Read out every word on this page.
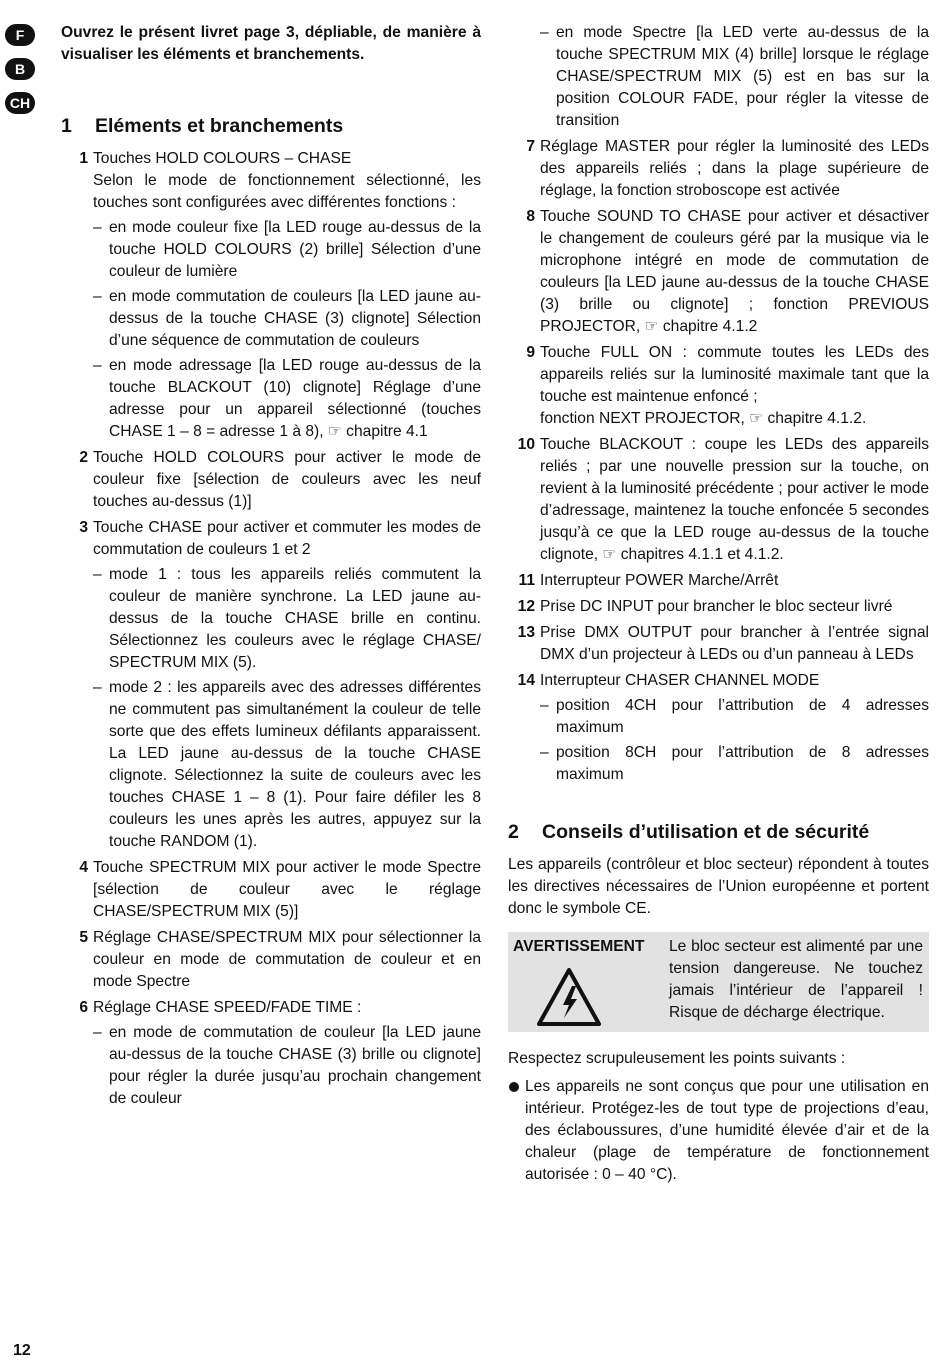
F
B
CH

Ouvrez le présent livret page 3, dépliable, de manière à visualiser les éléments et branchements.

1	Eléments et branchements
1 Touches HOLD COLOURS – CHASE
Selon le mode de fonctionnement sélectionné, les touches sont configurées avec différentes fonctions :
– en mode couleur fixe [la LED rouge au-dessus de la touche HOLD COLOURS (2) brille] Sélection d’une couleur de lumière
– en mode commutation de couleurs [la LED jaune au-dessus de la touche CHASE (3) clignote] Sélection d’une séquence de commutation de couleurs
– en mode adressage [la LED rouge au-dessus de la touche BLACKOUT (10) clignote] Réglage d’une adresse pour un appareil sélectionné (touches CHASE 1 – 8 = adresse 1 à 8), ☞ chapitre 4.1
2 Touche HOLD COLOURS pour activer le mode de couleur fixe [sélection de couleurs avec les neuf touches au-dessus (1)]
3 Touche CHASE pour activer et commuter les modes de commutation de couleurs 1 et 2
– mode 1 : tous les appareils reliés commutent la couleur de manière synchrone. La LED jaune au-dessus de la touche CHASE brille en continu. Sélectionnez les couleurs avec le réglage CHASE/ SPECTRUM MIX (5).
– mode 2 : les appareils avec des adresses différentes ne commutent pas simultanément la couleur de telle sorte que des effets lumineux défilants apparaissent. La LED jaune au-dessus de la touche CHASE clignote. Sélectionnez la suite de couleurs avec les touches CHASE 1 – 8 (1). Pour faire défiler les 8 couleurs les unes après les autres, appuyez sur la touche RANDOM (1).
4 Touche SPECTRUM MIX pour activer le mode Spectre [sélection de couleur avec le réglage CHASE/SPECTRUM MIX (5)]
5 Réglage CHASE/SPECTRUM MIX pour sélectionner la couleur en mode de commutation de couleur et en mode Spectre
6 Réglage CHASE SPEED/FADE TIME :
– en mode de commutation de couleur [la LED jaune au-dessus de la touche CHASE (3) brille ou clignote] pour régler la durée jusqu’au prochain changement de couleur
– en mode Spectre [la LED verte au-dessus de la touche SPECTRUM MIX (4) brille] lorsque le réglage CHASE/SPECTRUM MIX (5) est en bas sur la position COLOUR FADE, pour régler la vitesse de transition
7 Réglage MASTER pour régler la luminosité des LEDs des appareils reliés ; dans la plage supérieure de réglage, la fonction stroboscope est activée
8 Touche SOUND TO CHASE pour activer et désactiver le changement de couleurs géré par la musique via le microphone intégré en mode de commutation de couleurs [la LED jaune au-dessus de la touche CHASE (3) brille ou clignote] ; fonction PREVIOUS PROJECTOR, ☞ chapitre 4.1.2
9 Touche FULL ON : commute toutes les LEDs des appareils reliés sur la luminosité maximale tant que la touche est maintenue enfoncé ;
fonction NEXT PROJECTOR, ☞ chapitre 4.1.2.
10 Touche BLACKOUT : coupe les LEDs des appareils reliés ; par une nouvelle pression sur la touche, on revient à la luminosité précédente ; pour activer le mode d’adressage, maintenez la touche enfoncée 5 secondes jusqu’à ce que la LED rouge au-dessus de la touche clignote, ☞ chapitres 4.1.1 et 4.1.2.
11 Interrupteur POWER Marche/Arrêt
12 Prise DC INPUT pour brancher le bloc secteur livré
13 Prise DMX OUTPUT pour brancher à l’entrée signal DMX d’un projecteur à LEDs ou d’un panneau à LEDs
14 Interrupteur CHASER CHANNEL MODE
– position 4CH pour l’attribution de 4 adresses maximum
– position 8CH pour l’attribution de 8 adresses maximum
2	Conseils d’utilisation et de sécurité
Les appareils (contrôleur et bloc secteur) répondent à toutes les directives nécessaires de l’Union européenne et portent donc le symbole CE.
AVERTISSEMENT	Le bloc secteur est alimenté par une tension dangereuse. Ne touchez jamais l’intérieur de l’appareil ! Risque de décharge électrique.
Respectez scrupuleusement les points suivants :
Les appareils ne sont conçus que pour une utilisation en intérieur. Protégez-les de tout type de projections d’eau, des éclaboussures, d’une humidité élevée d’air et de la chaleur (plage de température de fonctionnement autorisée : 0 – 40 °C).
12
